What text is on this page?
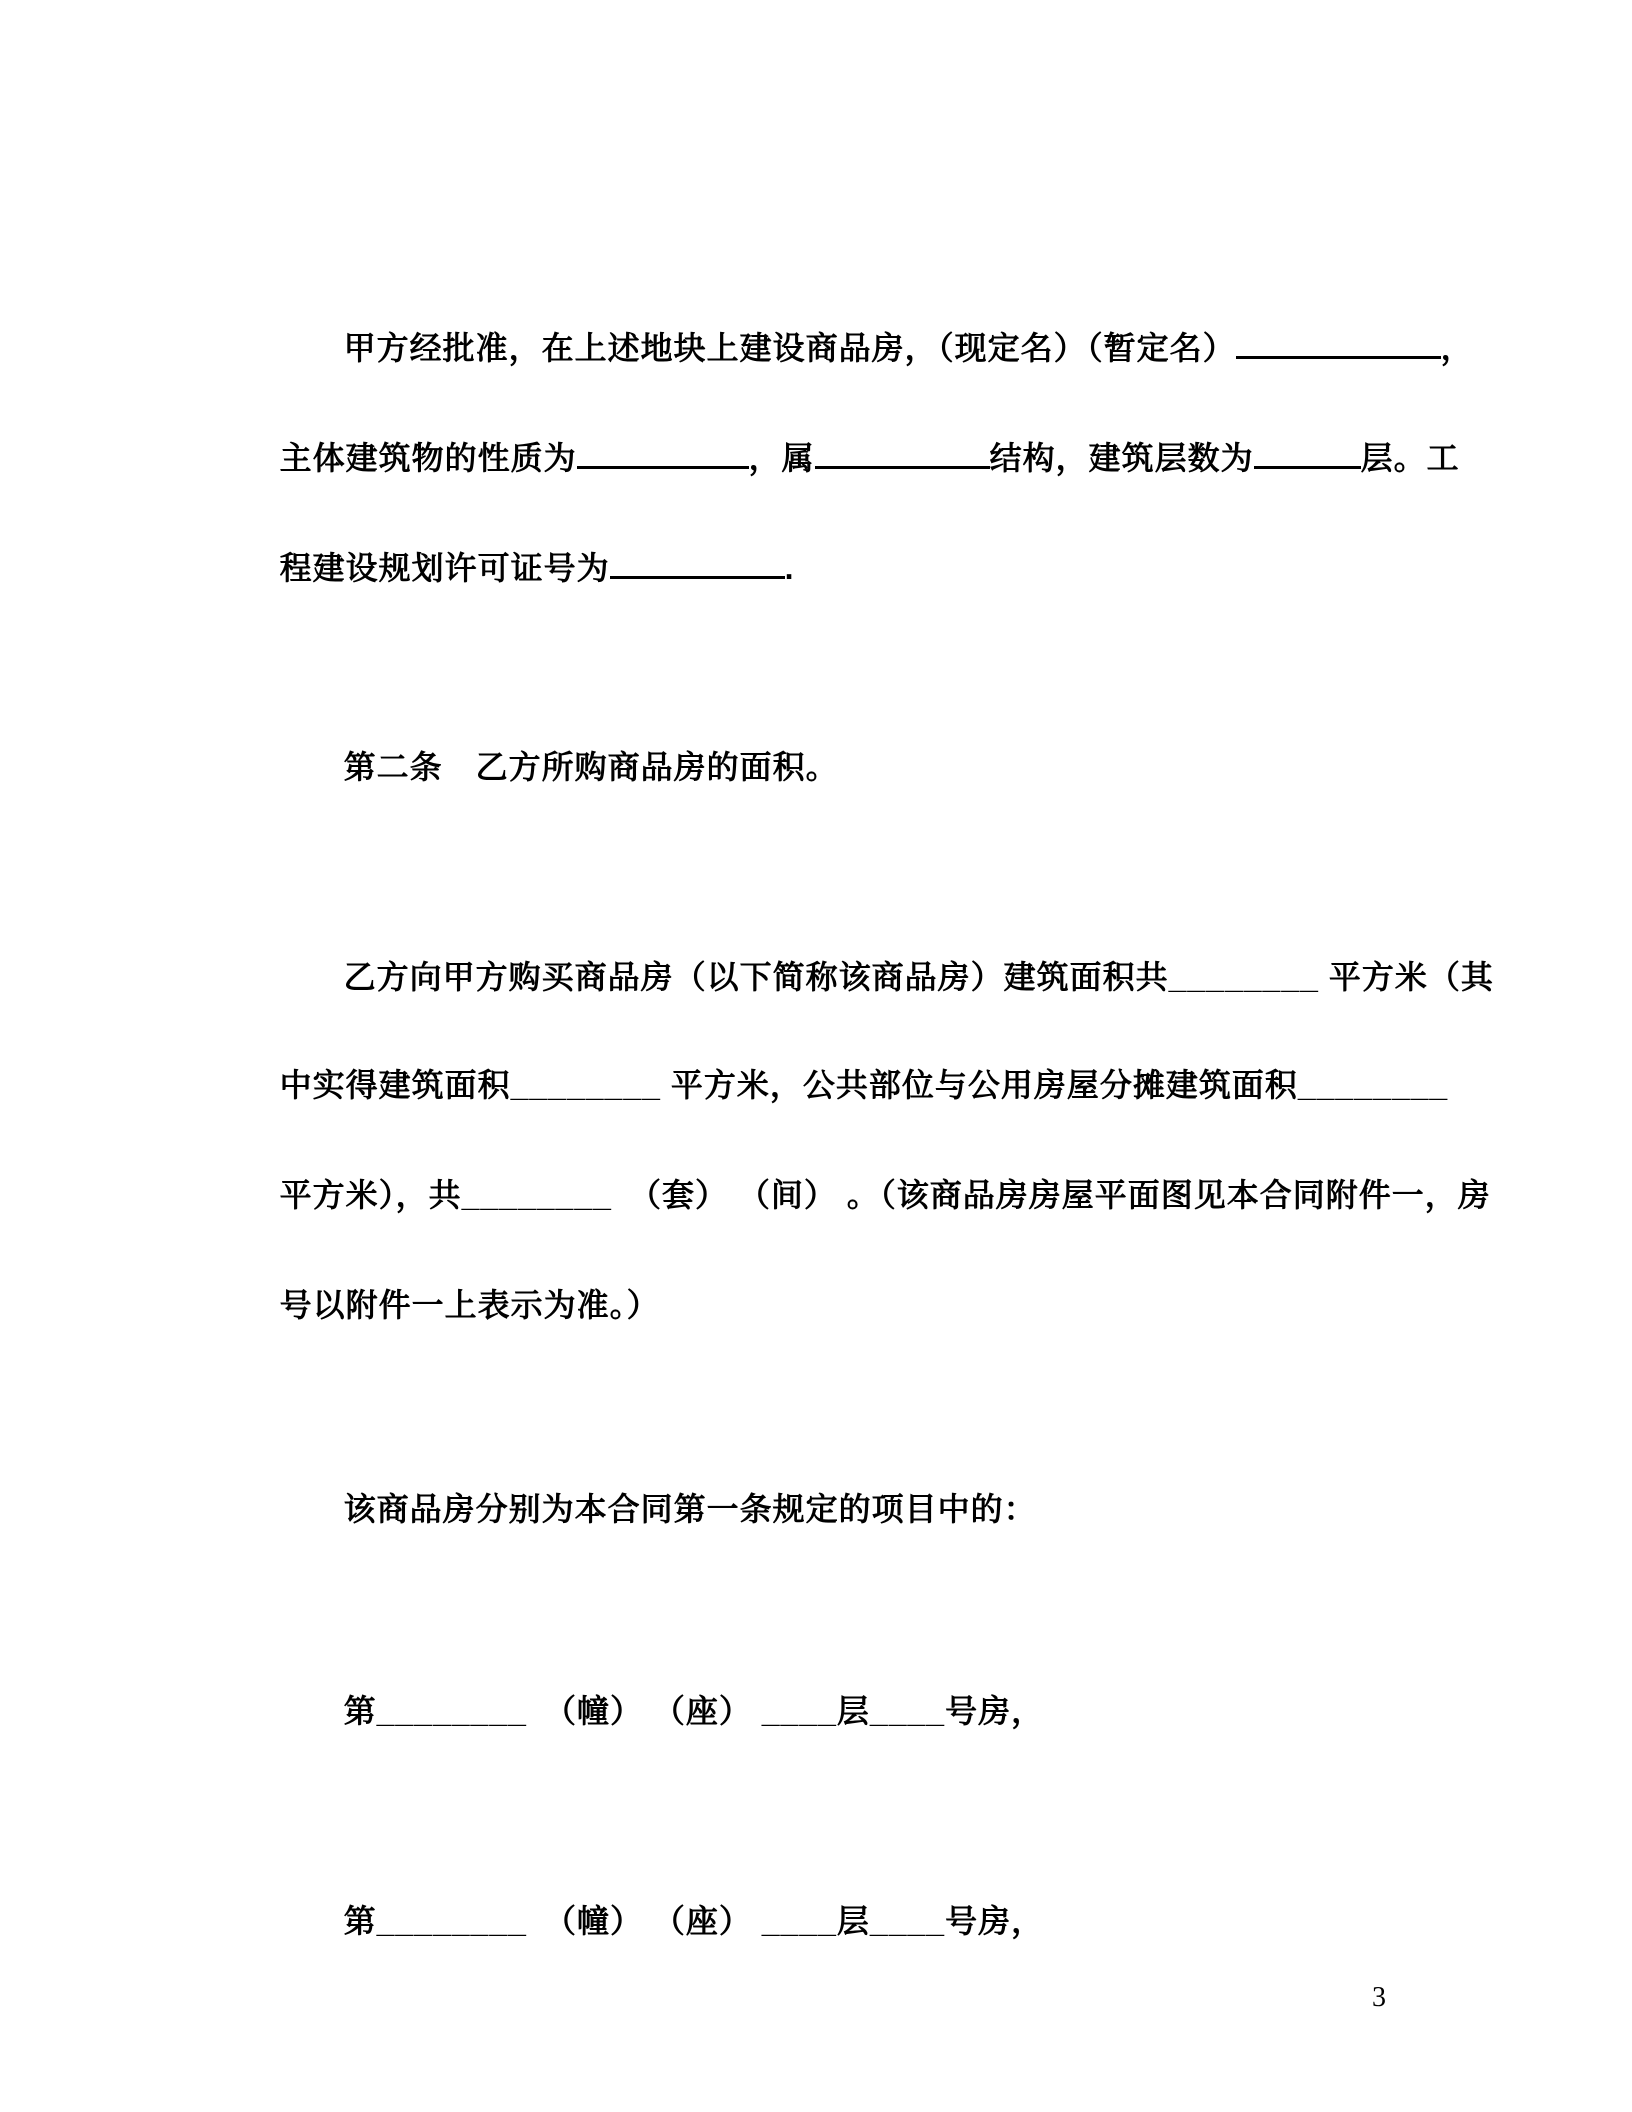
甲方经批准，在上述地块上建设商品房，（现定名）（暂定名）	，

主体建筑物的性质为	，属	结构，建筑层数为	层。工

程建设规划许可证号为	.

第二条　乙方所购商品房的面积。

乙方向甲方购买商品房（以下简称该商品房）建筑面积共________ 平方米（其

中实得建筑面积________ 平方米，公共部位与公用房屋分摊建筑面积________

平方米），共________　（套） （间） 。（该商品房房屋平面图见本合同附件一，房

号以附件一上表示为准。）

该商品房分别为本合同第一条规定的项目中的：

第________　（幢） （座） ____层____号房，

第________　（幢） （座） ____层____号房，

3
